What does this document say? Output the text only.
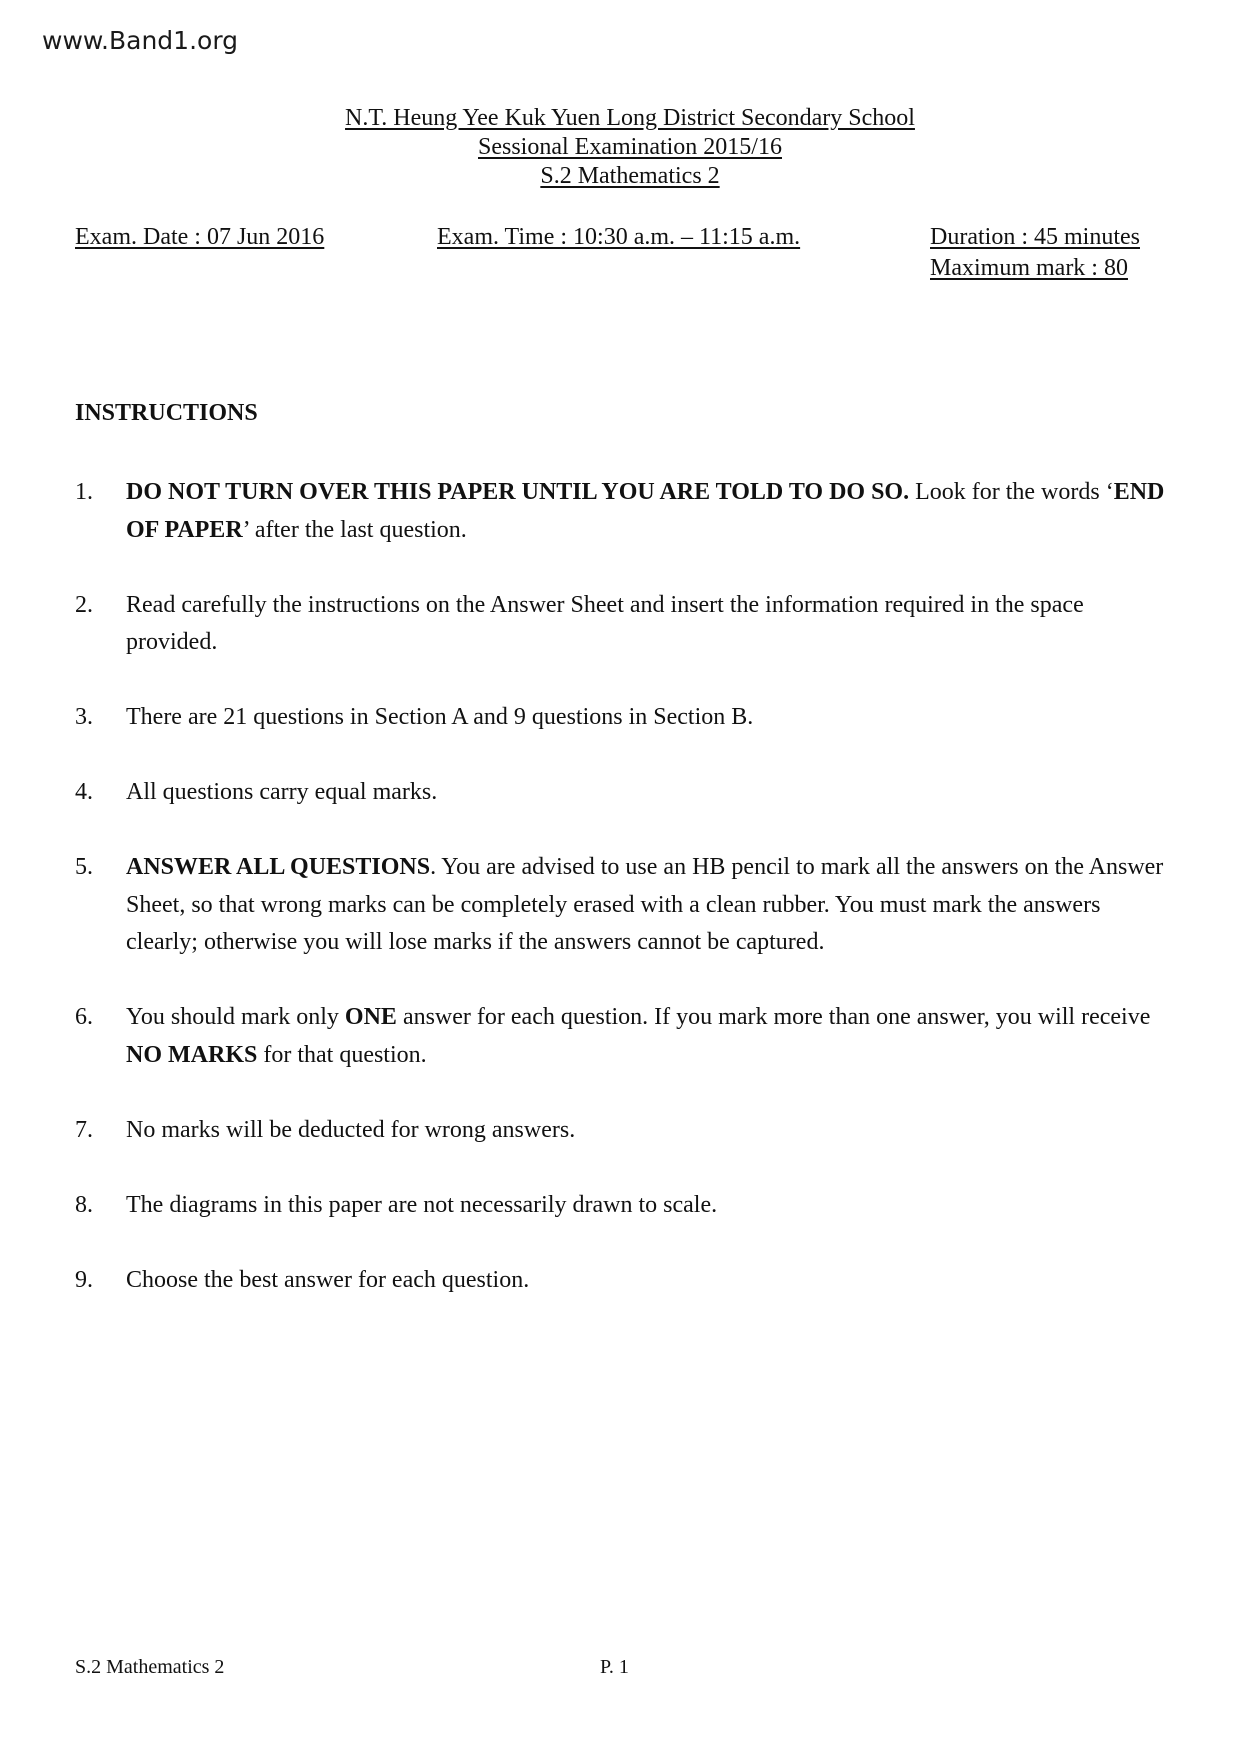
www.Band1.org
N.T. Heung Yee Kuk Yuen Long District Secondary School
Sessional Examination 2015/16
S.2 Mathematics 2
Exam. Date : 07 Jun 2016	Exam. Time : 10:30 a.m. – 11:15 a.m.	Duration : 45 minutes
Maximum mark : 80
INSTRUCTIONS
1. DO NOT TURN OVER THIS PAPER UNTIL YOU ARE TOLD TO DO SO. Look for the words ‘END OF PAPER’ after the last question.
2. Read carefully the instructions on the Answer Sheet and insert the information required in the space provided.
3. There are 21 questions in Section A and 9 questions in Section B.
4. All questions carry equal marks.
5. ANSWER ALL QUESTIONS. You are advised to use an HB pencil to mark all the answers on the Answer Sheet, so that wrong marks can be completely erased with a clean rubber. You must mark the answers clearly; otherwise you will lose marks if the answers cannot be captured.
6. You should mark only ONE answer for each question. If you mark more than one answer, you will receive NO MARKS for that question.
7. No marks will be deducted for wrong answers.
8. The diagrams in this paper are not necessarily drawn to scale.
9. Choose the best answer for each question.
S.2 Mathematics 2	P. 1
